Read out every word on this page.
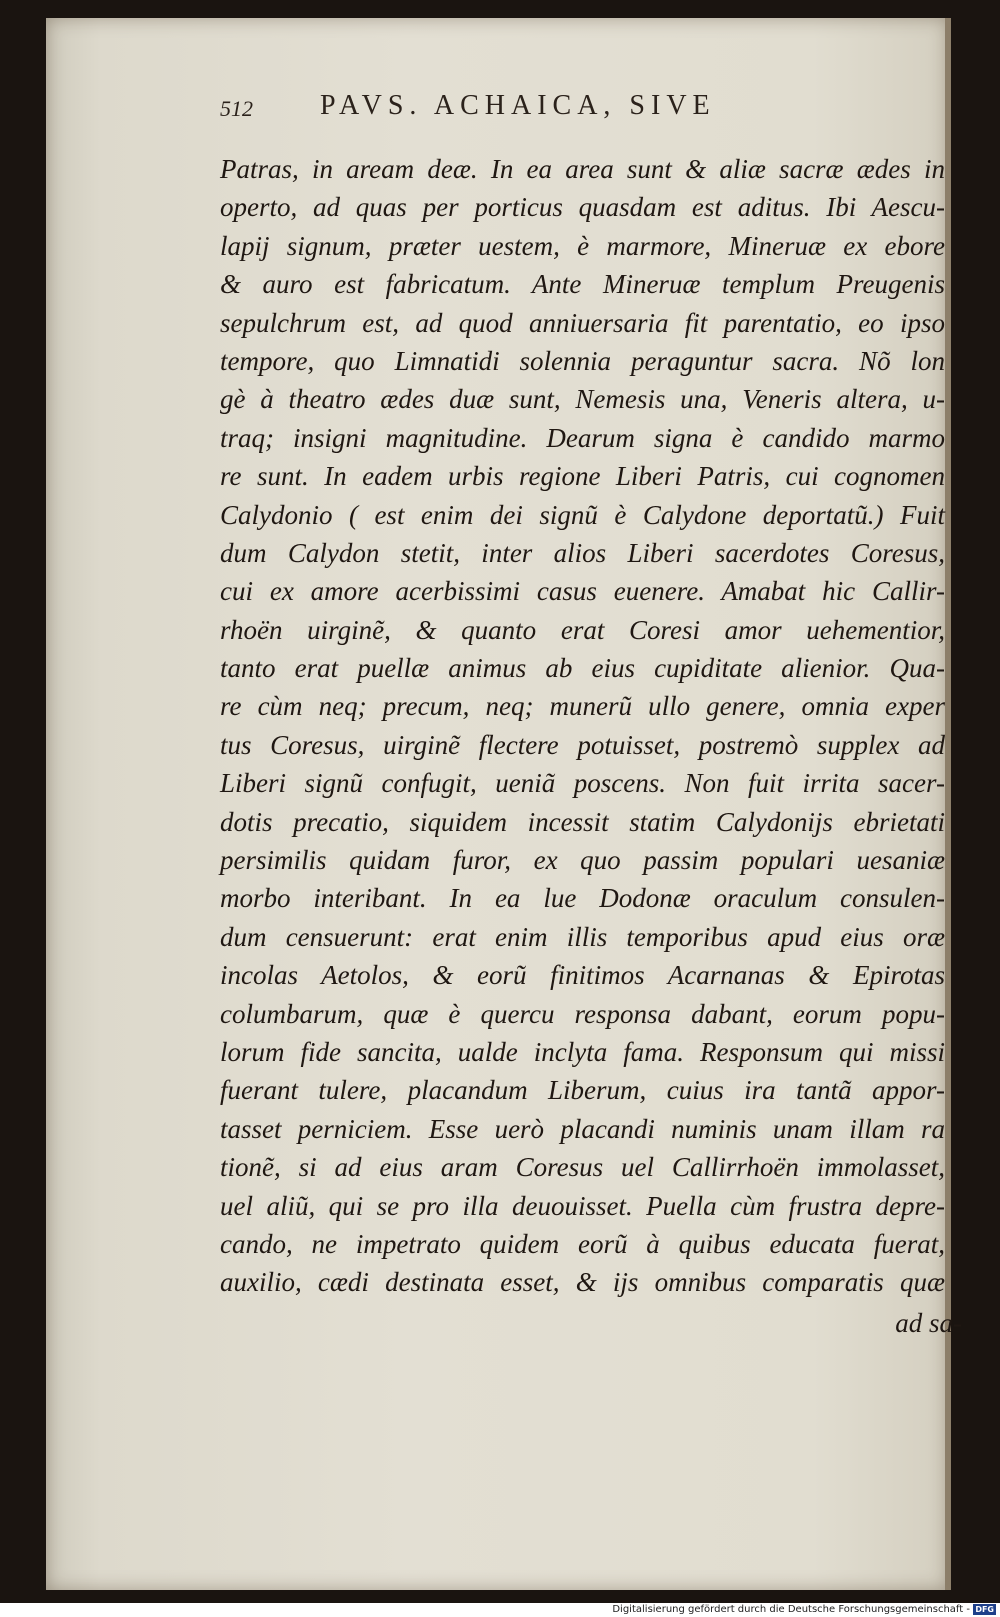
512 PAVS. ACHAICA, SIVE
Patras, in aream deæ. In ea area sunt & aliæ sacræ ædes in
operto, ad quas per porticus quasdam est aditus. Ibi Aescu-
lapij signum, præter uestem, è marmore, Mineruæ ex ebore
& auro est fabricatum. Ante Mineruæ templum Preugenis
sepulchrum est, ad quod anniuersaria fit parentatio, eo ipso
tempore, quo Limnatidi solennia peraguntur sacra. Nõ lon
gè à theatro ædes duæ sunt, Nemesis una, Veneris altera, u-
traq; insigni magnitudine. Dearum signa è candido marmo
re sunt. In eadem urbis regione Liberi Patris, cui cognomen
Calydonio ( est enim dei signũ è Calydone deportatũ.) Fuit
dum Calydon stetit, inter alios Liberi sacerdotes Coresus,
cui ex amore acerbissimi casus euenere. Amabat hic Callir-
rhoën uirginẽ, & quanto erat Coresi amor uehementior,
tanto erat puellæ animus ab eius cupiditate alienior. Qua-
re cùm neq; precum, neq; munerũ ullo genere, omnia exper
tus Coresus, uirginẽ flectere potuisset, postremò supplex ad
Liberi signũ confugit, ueniã poscens. Non fuit irrita sacer-
dotis precatio, siquidem incessit statim Calydonijs ebrietati
persimilis quidam furor, ex quo passim populari uesaniæ
morbo interibant. In ea lue Dodonæ oraculum consulen-
dum censuerunt: erat enim illis temporibus apud eius oræ
incolas Aetolos, & eorũ finitimos Acarnanas & Epirotas
columbarum, quæ è quercu responsa dabant, eorum popu-
lorum fide sancita, ualde inclyta fama. Responsum qui missi
fuerant tulere, placandum Liberum, cuius ira tantã appor-
tasset perniciem. Esse uerò placandi numinis unam illam ra
tionẽ, si ad eius aram Coresus uel Callirrhoën immolasset,
uel aliũ, qui se pro illa deuouisset. Puella cùm frustra depre-
cando, ne impetrato quidem eorũ à quibus educata fuerat,
auxilio, cædi destinata esset, & ijs omnibus comparatis quæ
ad sa-
Digitalisierung gefördert durch die Deutsche Forschungsgemeinschaft - DFG
